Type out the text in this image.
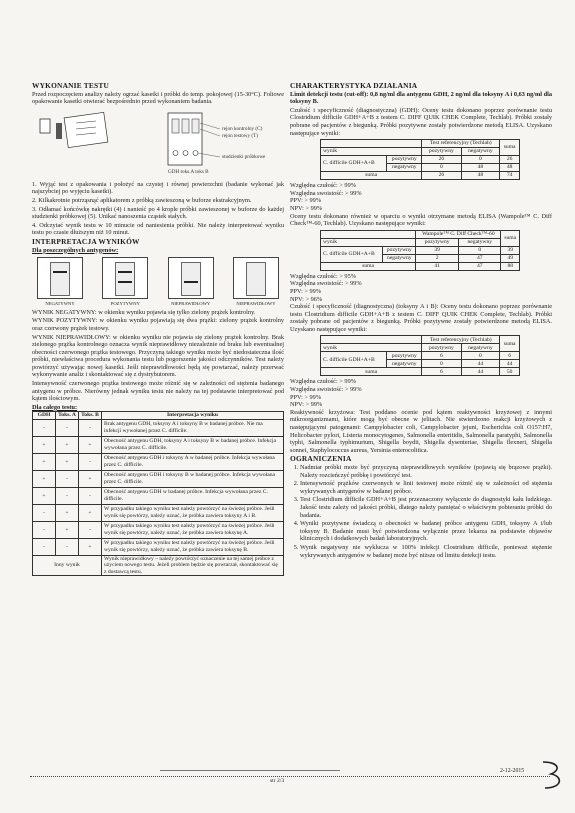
WYKONANIE TESTU

Przed rozpoczęciem analizy należy ogrzać kasetki i próbki do temp. pokojowej (15-30°C). Foliowe opakowanie kasetki otwierać bezpośrednio przed wykonaniem badania.

rejon kontrolny (C)
rejon testowy (T)
studzienki próbkowe
GDH toks.A toks B

1. Wyjąć test z opakowania i położyć na czystej i równej powierzchni (badanie wykonać jak najszybciej po wyjęciu kasetki).

2. Kilkakrotnie potrząsnąć aplikatorem z próbką zawieszoną w buforze ekstrakcyjnym.

3. Odłamać końcówkę nakrętki (4) i nanieść po 4 krople próbki zawieszonej w buforze do każdej studzienki próbkowej (5). Unikać nanoszenia cząstek stałych.

4. Odczytać wynik testu w 10 minucie od naniesienia próbki. Nie należy interpretować wyniku testu po czasie dłuższym niż 10 minut.

INTERPRETACJA WYNIKÓW
Dla poszczególnych antygenów:
NEGATYWNY	POZYTYWNY	NIEPRAWIDŁOWY	NIEPRAWIDŁOWY

WYNIK NEGATYWNY: w okienku wyniku pojawia się tylko zielony prążek kontrolny.

WYNIK POZYTYWNY: w okienku wyniku pojawiają się dwa prążki: zielony prążek kontrolny oraz czerwony prążek testowy.

WYNIK NIEPRAWIDŁOWY: w okienku wyniku nie pojawia się zielony prążek kontrolny. Brak zielonego prążka kontrolnego oznacza wynik nieprawidłowy niezależnie od braku lub ewentualnej obecności czerwonego prążka testowego. Przyczyną takiego wyniku może być niedostateczna ilość próbki, niewłaściwa procedura wykonania testu lub pogorszenie jakości odczynników. Test należy powtórzyć używając nowej kasetki. Jeśli nieprawidłowości będą się powtarzać, należy przerwać wykonywanie analiz i skontaktować się z dystrybutorem.

Intensywność czerwonego prążka testowego może różnić się w zależności od stężenia badanego antygenu w próbce. Nierówny jednak wyniku testu nie należy na tej podstawie interpretować pod kątem ilościowym.

Dla całego testu:
GDH	Toks. A	Toks. B	Interpretacja wyniku
-	-	-	Brak antygenu GDH, toksyny A i toksyny B w badanej próbce. Nie ma infekcji wywołanej przez C. difficile.
+	+	+	Obecność antygenu GDH, toksyny A i toksyny B w badanej próbce. Infekcja wywołana przez C. difficile.
+	+	-	Obecność antygenu GDH i toksyny A w badanej próbce. Infekcja wywołana przez C. difficile.
+	-	+	Obecność antygenu GDH i toksyny B w badanej próbce. Infekcja wywołana przez C. difficile.
+	-	-	Obecność antygenu GDH w badanej próbce. Infekcja wywołana przez C. difficile.
-	+	+	W przypadku takiego wyniku test należy powtórzyć na świeżej próbce. Jeśli wynik się powtórzy, należy uznać, że próbka zawiera toksyny A i B.
-	+	-	W przypadku takiego wyniku test należy powtórzyć na świeżej próbce. Jeśli wynik się powtórzy, należy uznać, że próbka zawiera toksynę A.
-	-	+	W przypadku takiego wyniku test należy powtórzyć na świeżej próbce. Jeśli wynik się powtórzy, należy uznać, że próbka zawiera toksynę B.
Inny wynik			Wynik nieprawidłowy – należy powtórzyć oznaczenie na tej samej próbce z użyciem nowego testu. Jeżeli problem będzie się powtarzał, skontaktować się z dostawcą testu.
CHARAKTERYSTYKA DZIAŁANIA

Limit detekcji testu (cut-off): 0,8 ng/ml dla antygenu GDH, 2 ng/ml dla toksyny A i 0,63 ng/ml dla toksyny B.

Czułość i specyficzność (diagnostyczna) (GDH): Oceny testu dokonano poprzez porównanie testu Clostridium difficile GDH+A+B z testem C. DIFF QUIK CHEK Complete, Techlab). Próbki zostały pobrane od pacjentów z biegunką. Próbki pozytywne zostały potwierdzone metodą ELISA. Uzyskano następujące wyniki:

		Test referencyjny (Techlab)		suma
wynik		pozytywny	negatywny	
C. difficile GDH+A+B	pozytywny	26	0	26
	negatywny	0	48	48
suma		26	48	74
Względna czułość: > 99%
Względna swoistość: > 99%
PPV: > 99%
NPV: > 99%

Oceny testu dokonano również w oparciu o wyniki otrzymane metodą ELISA (Wampole™ C. Diff Check™-60, Techlab). Uzyskano następujące wyniki:

		Wampole™ C. Diff Check™-60		suma
wynik		pozytywny	negatywny	
C. difficile GDH+A+B	pozytywny	39	0	39
	negatywny	2	47	49
suma		41	47	88
Względna czułość: > 95%
Względna swoistość: > 99%
PPV: > 99%
NPV: > 96%

Czułość i specyficzność (diagnostyczna) (toksyny A i B): Oceny testu dokonano poprzez porównanie testu Clostridium difficile GDH+A+B z testem C. DIFF QUIK CHEK Complete, Techlab). Próbki zostały pobrane od pacjentów z biegunką. Próbki pozytywne zostały potwierdzone metodą ELISA. Uzyskano następujące wyniki:

		Test referencyjny (Techlab)		suma
wynik		pozytywny	negatywny	
C. difficile GDH+A+B	pozytywny	6	0	6
	negatywny	0	44	44
suma		6	44	50
Względna czułość: > 99%
Względna swoistość: > 99%
PPV: > 99%
NPV: > 99%

Reaktywność krzyżowa: Test poddano ocenie pod kątem reaktywności krzyżowej z innymi mikroorganizmami, które mogą być obecne w jelitach. Nie stwierdzono reakcji krzyżowych z następującymi patogenami: Campylobacter coli, Campylobacter jejuni, Escherichia coli O157:H7, Helicobacter pylori, Listeria monocytogenes, Salmonella enteritidis, Salmonella paratyphi, Salmonella typhi, Salmonella typhimurium, Shigella boydii, Shigella dysenteriae, Shigella flexneri, Shigella sonnei, Staphylococcus aureus, Yersinia enterocolitica.

OGRANICZENIA
1. Nadmiar próbki może być przyczyną nieprawidłowych wyników (pojawią się brązowe prążki). Należy rozcieńczyć próbkę i powtórzyć test.
2. Intensywność prążków czerwonych w linii testowej może różnić się w zależności od stężenia wykrywanych antygenów w badanej próbce.
3. Test Clostridium difficile GDH+A+B jest przeznaczony wyłącznie do diagnostyki kału ludzkiego. Jakość testu zależy od jakości próbki, dlatego należy pamiętać o właściwym pobieraniu próbki do badania.
4. Wyniki pozytywne świadczą o obecności w badanej próbce antygenu GDH, toksyny A i/lub toksyny B. Badanie musi być potwierdzona wyłącznie przez lekarza na podstawie objawów klinicznych i dodatkowych badań laboratoryjnych.
5. Wynik negatywny nie wyklucza w 100% infekcji Clostridium difficile, ponieważ stężenie wykrywanych antygenów w badanej może być niższe od limitu detekcji testu.
str 2/3
2-12-2015
